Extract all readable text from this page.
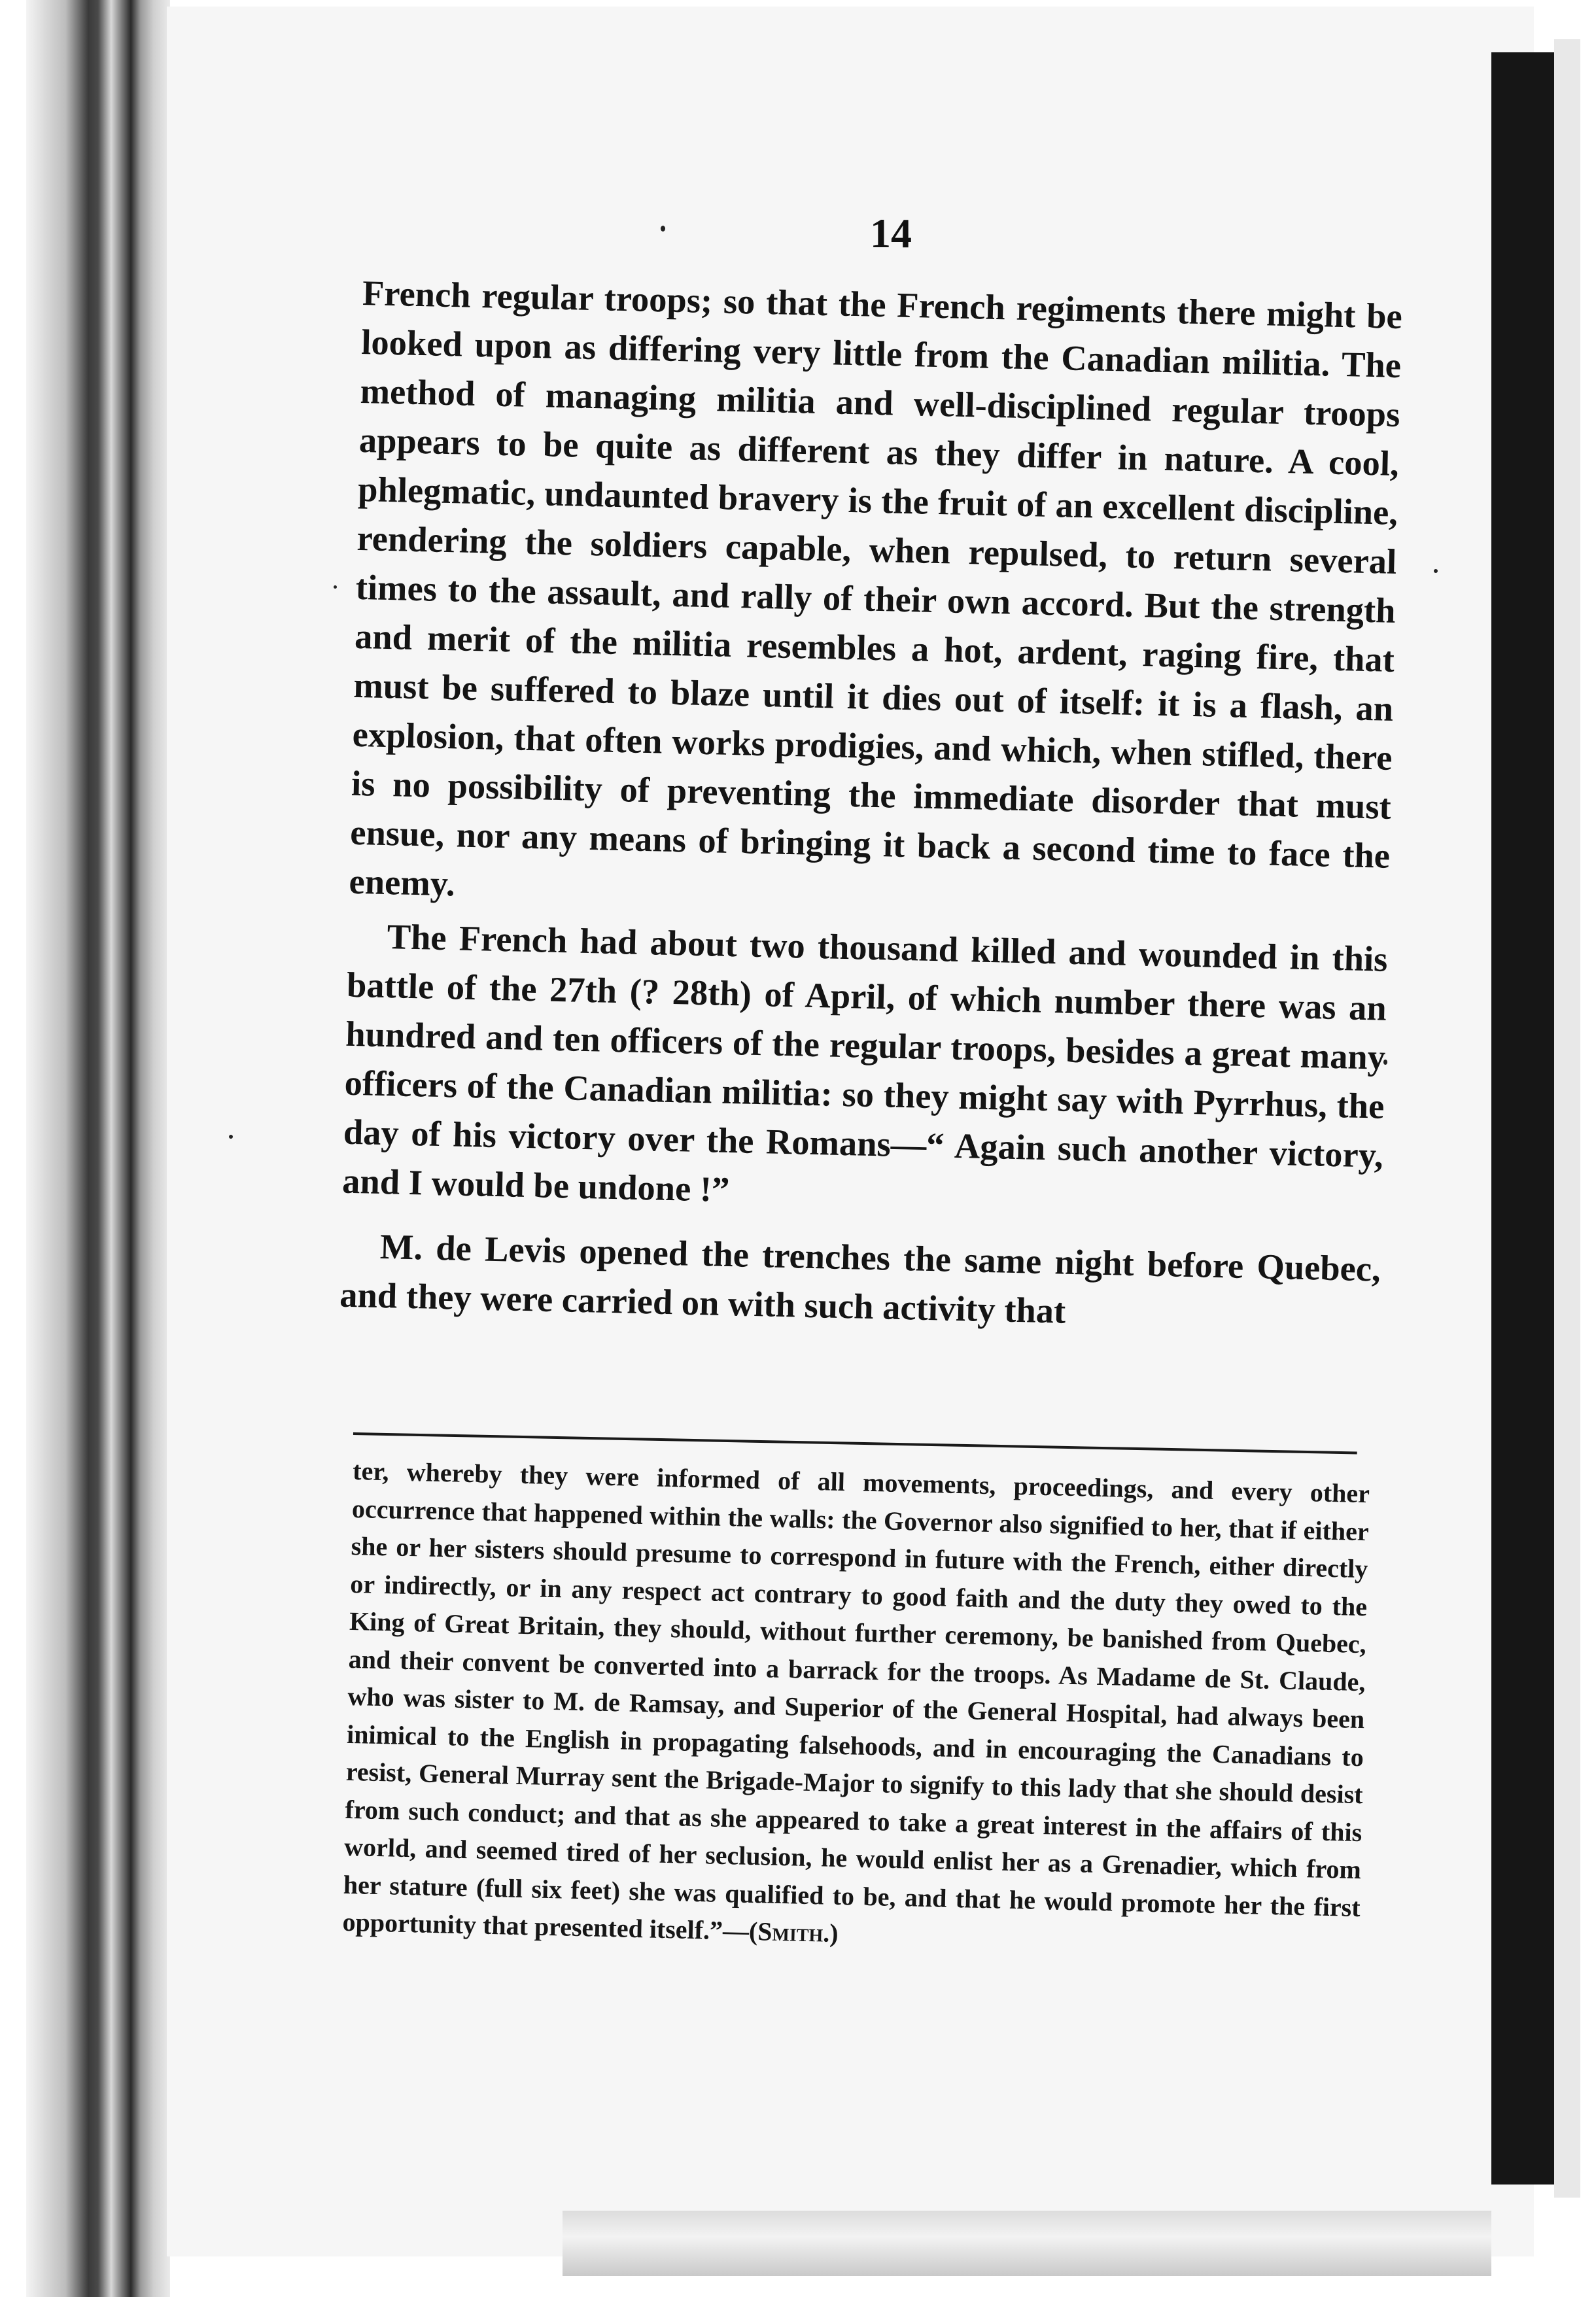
14

French regular troops; so that the French regiments there might be looked upon as differing very little from the Canadian militia. The method of managing militia and well-disciplined regular troops appears to be quite as different as they differ in nature. A cool, phlegmatic, undaunted bravery is the fruit of an excellent discipline, rendering the soldiers capable, when repulsed, to return several times to the assault, and rally of their own accord. But the strength and merit of the militia resembles a hot, ardent, raging fire, that must be suffered to blaze until it dies out of itself: it is a flash, an explosion, that often works prodigies, and which, when stifled, there is no possibility of preventing the immediate disorder that must ensue, nor any means of bringing it back a second time to face the enemy.

The French had about two thousand killed and wounded in this battle of the 27th (? 28th) of April, of which number there was an hundred and ten officers of the regular troops, besides a great many officers of the Canadian militia: so they might say with Pyrrhus, the day of his victory over the Romans—“ Again such another victory, and I would be undone !”

M. de Levis opened the trenches the same night before Quebec, and they were carried on with such activity that

ter, whereby they were informed of all movements, proceedings, and every other occurrence that happened within the walls: the Governor also signified to her, that if either she or her sisters should presume to correspond in future with the French, either directly or indirectly, or in any respect act contrary to good faith and the duty they owed to the King of Great Britain, they should, without further ceremony, be banished from Quebec, and their convent be converted into a barrack for the troops. As Madame de St. Claude, who was sister to M. de Ramsay, and Superior of the General Hospital, had always been inimical to the English in propagating falsehoods, and in encouraging the Canadians to resist, General Murray sent the Brigade-Major to signify to this lady that she should desist from such conduct; and that as she appeared to take a great interest in the affairs of this world, and seemed tired of her seclusion, he would enlist her as a Grenadier, which from her stature (full six feet) she was qualified to be, and that he would promote her the first opportunity that presented itself.”—(Smith.)
